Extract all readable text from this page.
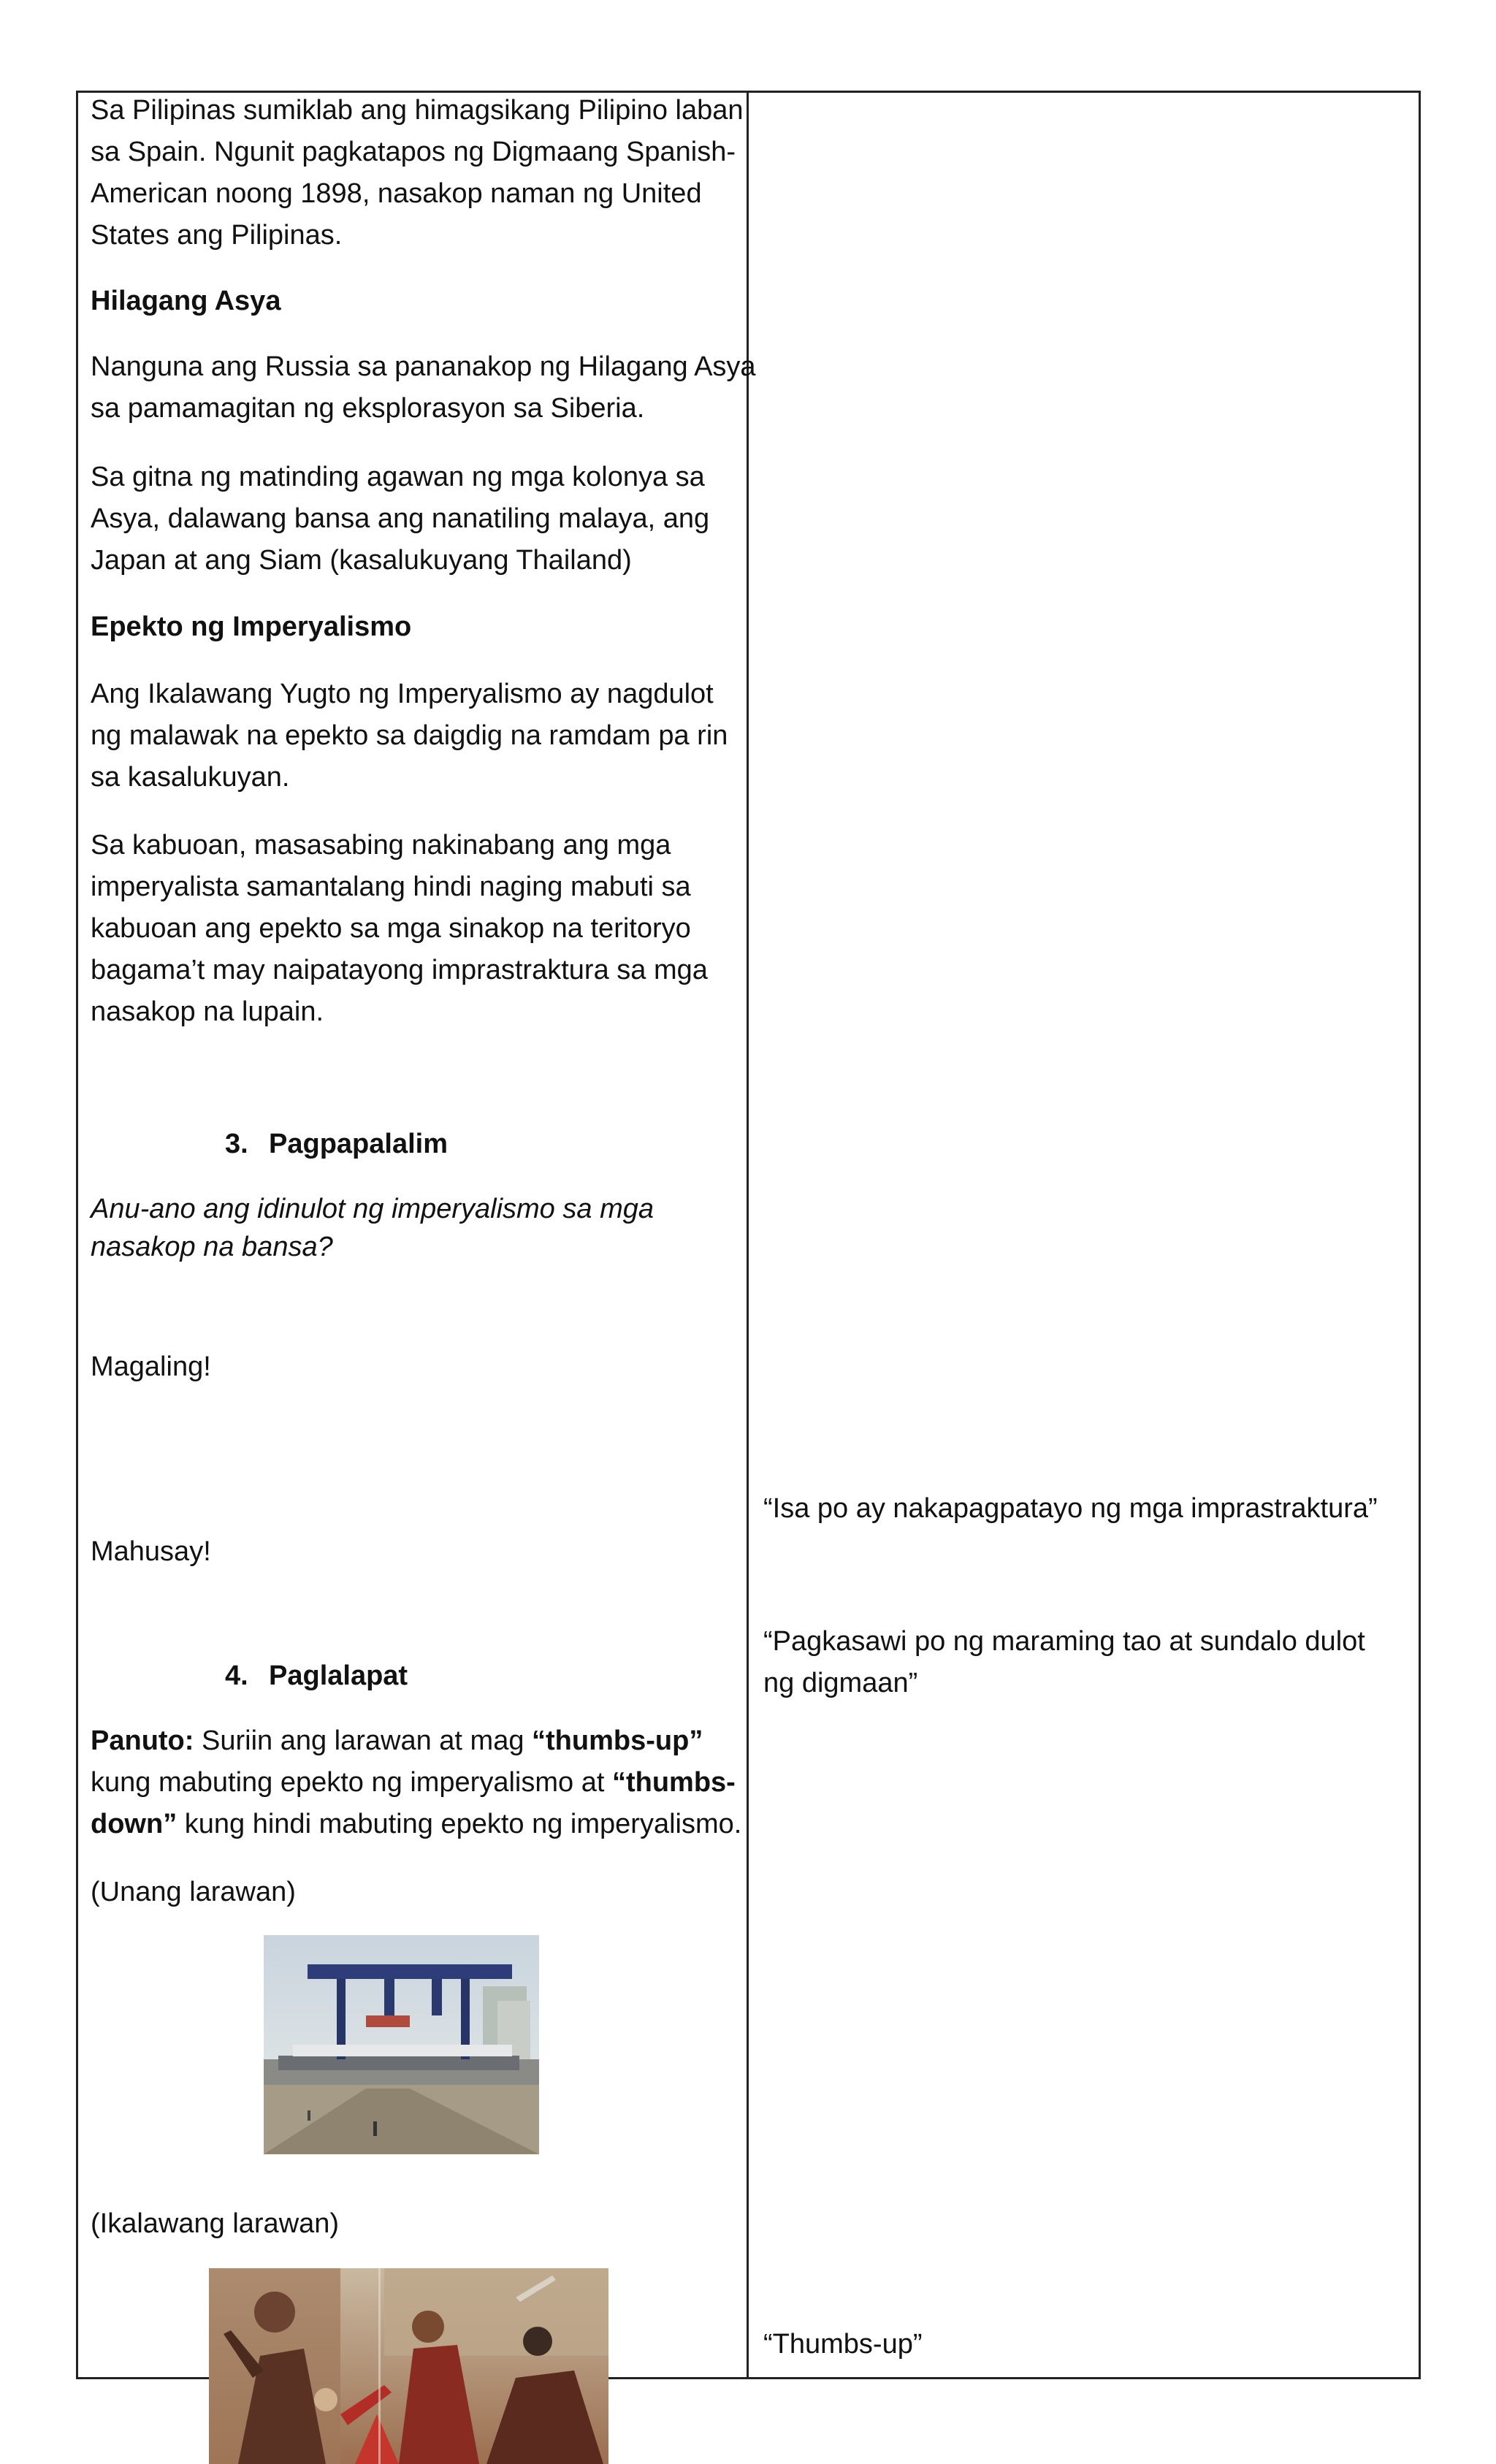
Sa Pilipinas sumiklab ang himagsikang Pilipino laban

sa Spain. Ngunit pagkatapos ng Digmaang Spanish-

American noong 1898, nasakop naman ng United

States ang Pilipinas.

Hilagang Asya

Nanguna ang Russia sa pananakop ng Hilagang Asya

sa pamamagitan ng eksplorasyon sa Siberia.

Sa gitna ng matinding agawan ng mga kolonya sa

Asya, dalawang bansa ang nanatiling malaya, ang

Japan at ang Siam (kasalukuyang Thailand)

Epekto ng Imperyalismo

Ang Ikalawang Yugto ng Imperyalismo ay nagdulot

ng malawak na epekto sa daigdig na ramdam pa rin

sa kasalukuyan.

Sa kabuoan, masasabing nakinabang ang mga

imperyalista samantalang hindi naging mabuti sa

kabuoan ang epekto sa mga sinakop na teritoryo

bagama’t may naipatayong imprastraktura sa mga

nasakop na lupain.

3. Pagpapalalim

Anu-ano ang idinulot ng imperyalismo sa mga

nasakop na bansa?

Magaling!

Mahusay!

4. Paglalapat

Panuto: Suriin ang larawan at mag “thumbs-up”

kung mabuting epekto ng imperyalismo at “thumbs-

down” kung hindi mabuting epekto ng imperyalismo.

(Unang larawan)

(Ikalawang larawan)

“Isa po ay nakapagpatayo ng mga imprastraktura”

“Pagkasawi po ng maraming tao at sundalo dulot

ng digmaan”

“Thumbs-up”
